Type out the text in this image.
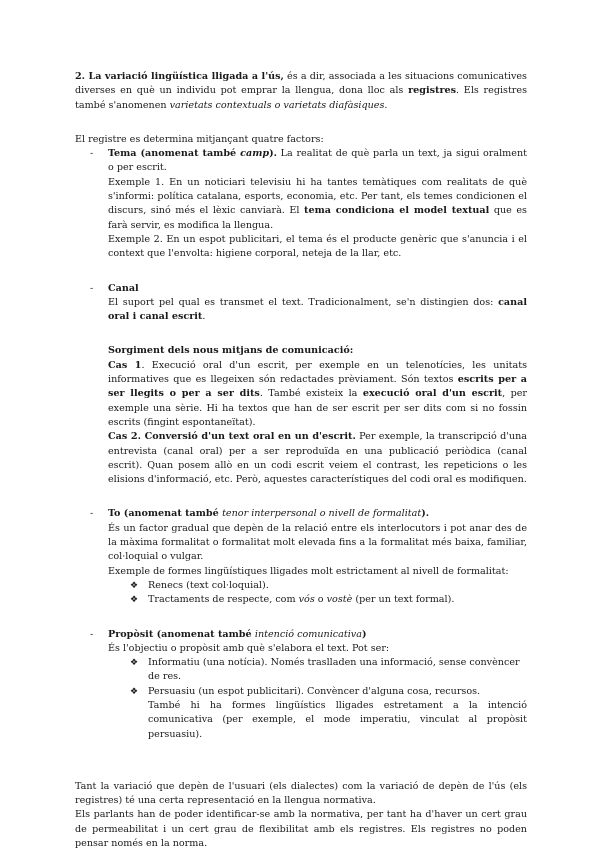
2. La variació lingüística lligada a l'ús, és a dir, associada a les situacions comunicatives diverses en què un individu pot emprar la llengua, dona lloc als registres. Els registres també s'anomenen varietats contextuals o varietats diafàsiques.

El registre es determina mitjançant quatre factors:

- Tema (anomenat també camp). La realitat de què parla un text, ja sigui oralment o per escrit.

Exemple 1. En un noticiari televisiu hi ha tantes temàtiques com realitats de què s'informi: política catalana, esports, economia, etc. Per tant, els temes condicionen el discurs, sinó més el lèxic canviarà. El tema condiciona el model textual que es farà servir, es modifica la llengua.

Exemple 2. En un espot publicitari, el tema és el producte genèric que s'anuncia i el context que l'envolta: higiene corporal, neteja de la llar, etc.

- Canal

El suport pel qual es transmet el text. Tradicionalment, se'n distingien dos: canal oral i canal escrit.

Sorgiment dels nous mitjans de comunicació:

Cas 1. Execució oral d'un escrit, per exemple en un telenotícies, les unitats informatives que es llegeixen són redactades prèviament. Són textos escrits per a ser llegits o per a ser dits. També existeix la execució oral d'un escrit, per exemple una sèrie. Hi ha textos que han de ser escrit per ser dits com si no fossin escrits (fingint espontaneïtat).

Cas 2. Conversió d'un text oral en un d'escrit. Per exemple, la transcripció d'una entrevista (canal oral) per a ser reproduïda en una publicació periòdica (canal escrit). Quan posem allò en un codi escrit veiem el contrast, les repeticions o les elisions d'informació, etc. Però, aquestes característiques del codi oral es modifiquen.

- To (anomenat també tenor interpersonal o nivell de formalitat).

És un factor gradual que depèn de la relació entre els interlocutors i pot anar des de la màxima formalitat o formalitat molt elevada fins a la formalitat més baixa, familiar, col·loquial o vulgar.

Exemple de formes lingüístiques lligades molt estrictament al nivell de formalitat:

❖ Renecs (text col·loquial).
❖ Tractaments de respecte, com vós o vostè (per un text formal).
- Propòsit (anomenat també intenció comunicativa)

És l'objectiu o propòsit amb què s'elabora el text. Pot ser:

❖ Informatiu (una notícia). Només traslladen una informació, sense convèncer de res.
❖ Persuasiu (un espot publicitari). Convèncer d'alguna cosa, recursos.

També hi ha formes lingüístics lligades estretament a la intenció comunicativa (per exemple, el mode imperatiu, vinculat al propòsit persuasiu).

Tant la variació que depèn de l'usuari (els dialectes) com la variació de depèn de l'ús (els registres) té una certa representació en la llengua normativa.

Els parlants han de poder identificar-se amb la normativa, per tant ha d'haver un cert grau de permeabilitat i un cert grau de flexibilitat amb els registres. Els registres no poden pensar només en la norma.
